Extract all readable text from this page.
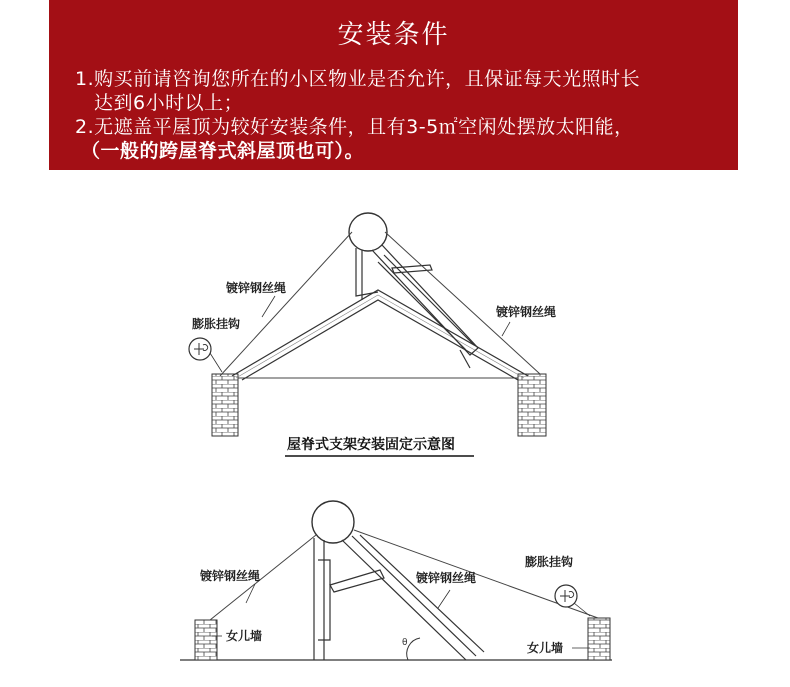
安装条件
1.购买前请咨询您所在的小区物业是否允许，且保证每天光照时长
达到6小时以上；
2.无遮盖平屋顶为较好安装条件，且有3-5㎡空闲处摆放太阳能，
（一般的跨屋脊式斜屋顶也可）。
镀锌钢丝绳
镀锌钢丝绳
膨胀挂钩
屋脊式支架安装固定示意图
θ
镀锌钢丝绳	镀锌钢丝绳
膨胀挂钩
女儿墙
女儿墙
